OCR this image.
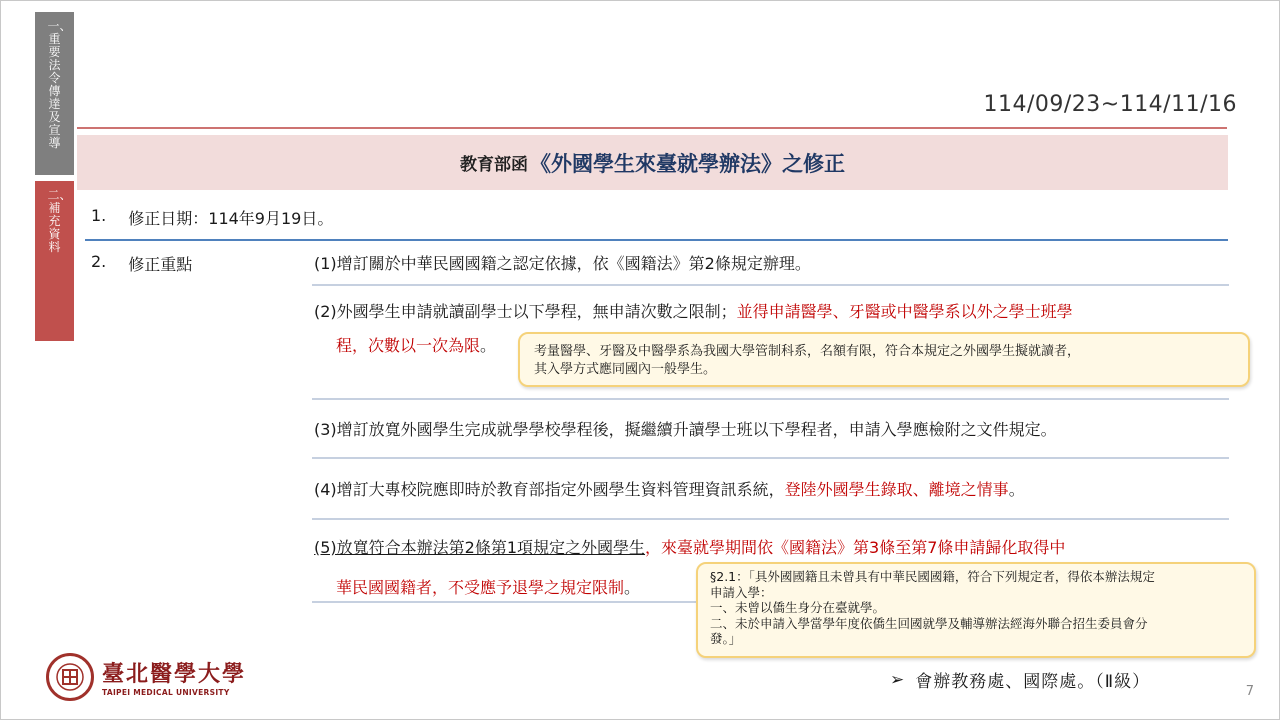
一、重要法令傳達及宣導
二、補充資料
114/09/23~114/11/16
教育部函 《外國學生來臺就學辦法》之修正
1. 修正日期：114年9月19日。
2. 修正重點	(1)增訂關於中華民國國籍之認定依據，依《國籍法》第2條規定辦理。
(2)外國學生申請就讀副學士以下學程，無申請次數之限制；並得申請醫學、牙醫或中醫學系以外之學士班學
程，次數以一次為限。
(3)增訂放寬外國學生完成就學學校學程後，擬繼續升讀學士班以下學程者，申請入學應檢附之文件規定。
(4)增訂大專校院應即時於教育部指定外國學生資料管理資訊系統，登陸外國學生錄取、離境之情事。
(5)放寬符合本辦法第2條第1項規定之外國學生，來臺就學期間依《國籍法》第3條至第7條申請歸化取得中
華民國國籍者，不受應予退學之規定限制。
考量醫學、牙醫及中醫學系為我國大學管制科系，名額有限，符合本規定之外國學生擬就讀者，
其入學方式應同國內一般學生。
§2.1：「具外國國籍且未曾具有中華民國國籍，符合下列規定者，得依本辦法規定
申請入學：
一、未曾以僑生身分在臺就學。
二、未於申請入學當學年度依僑生回國就學及輔導辦法經海外聯合招生委員會分
發。」
臺北醫學大學
TAIPEI MEDICAL UNIVERSITY
➢ 會辦教務處、國際處。（Ⅱ級）	7
